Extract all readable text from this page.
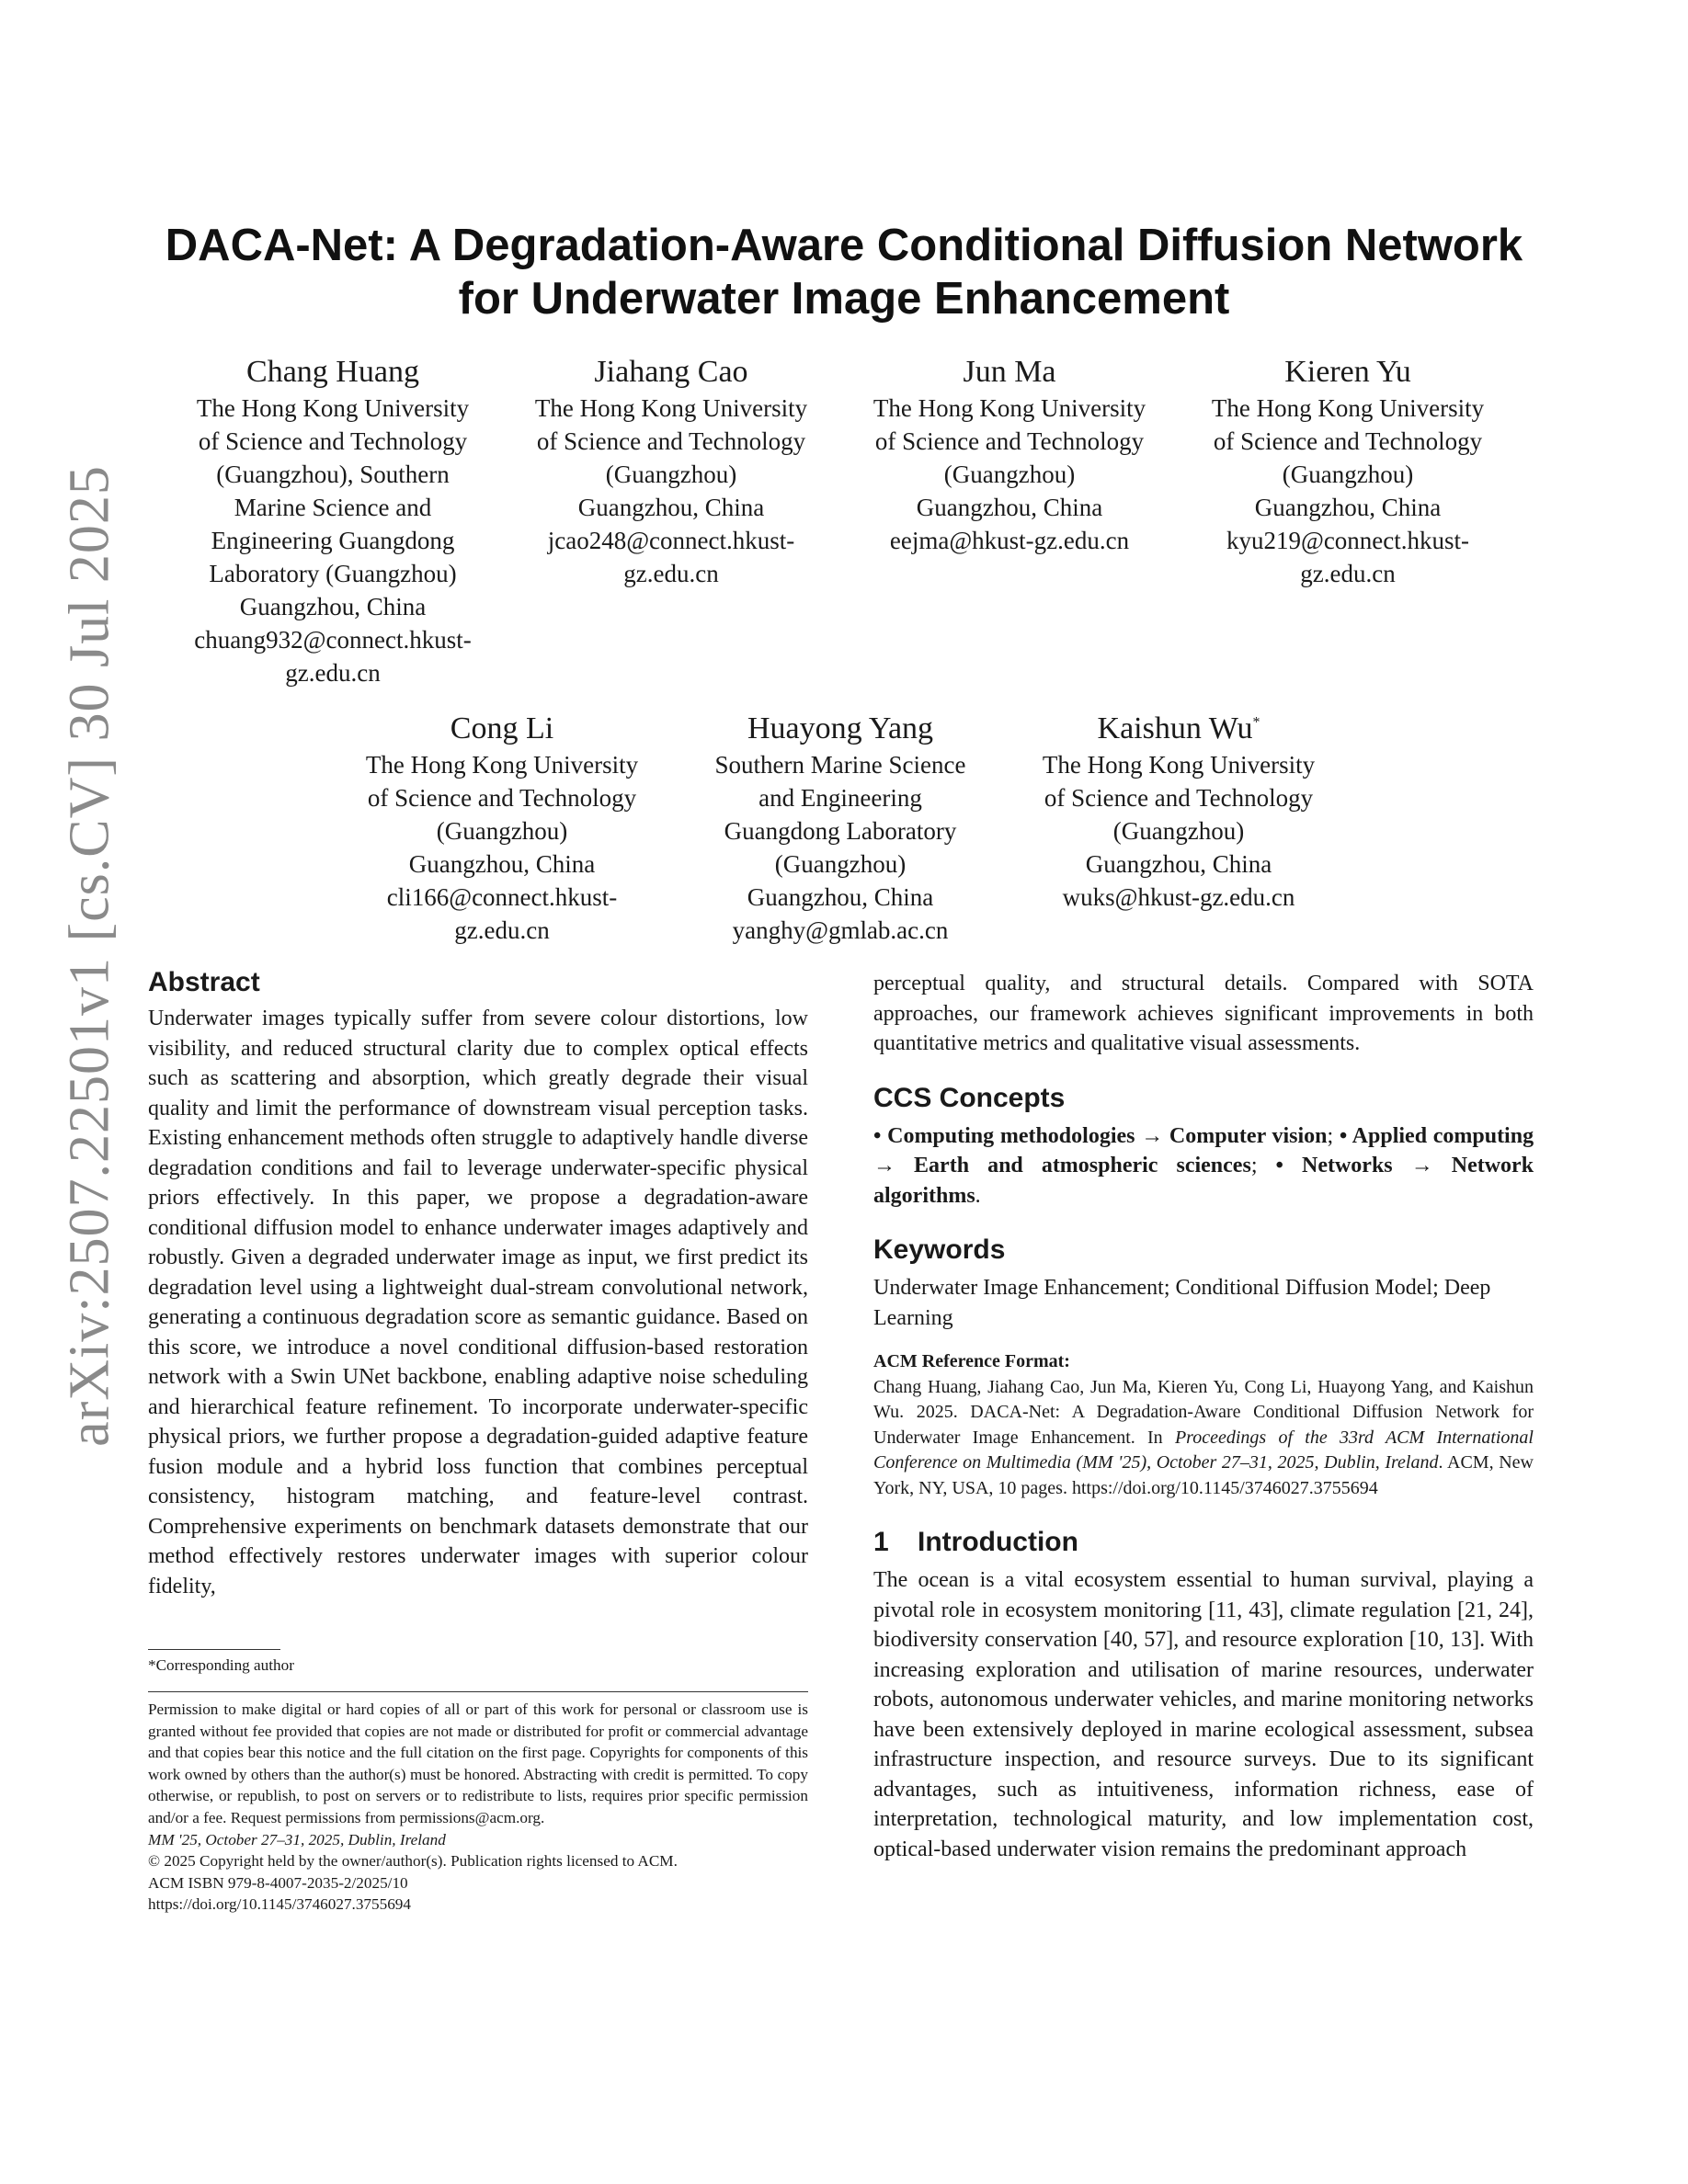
arXiv:2507.22501v1 [cs.CV] 30 Jul 2025
DACA-Net: A Degradation-Aware Conditional Diffusion Network
for Underwater Image Enhancement
Chang Huang
The Hong Kong University
of Science and Technology
(Guangzhou), Southern
Marine Science and
Engineering Guangdong
Laboratory (Guangzhou)
Guangzhou, China
chuang932@connect.hkust-
gz.edu.cn
Jiahang Cao
The Hong Kong University
of Science and Technology
(Guangzhou)
Guangzhou, China
jcao248@connect.hkust-
gz.edu.cn
Jun Ma
The Hong Kong University
of Science and Technology
(Guangzhou)
Guangzhou, China
eejma@hkust-gz.edu.cn
Kieren Yu
The Hong Kong University
of Science and Technology
(Guangzhou)
Guangzhou, China
kyu219@connect.hkust-
gz.edu.cn
Cong Li
The Hong Kong University
of Science and Technology
(Guangzhou)
Guangzhou, China
cli166@connect.hkust-
gz.edu.cn
Huayong Yang
Southern Marine Science
and Engineering
Guangdong Laboratory
(Guangzhou)
Guangzhou, China
yanghy@gmlab.ac.cn
Kaishun Wu*
The Hong Kong University
of Science and Technology
(Guangzhou)
Guangzhou, China
wuks@hkust-gz.edu.cn
Abstract

Underwater images typically suffer from severe colour distortions, low visibility, and reduced structural clarity due to complex optical effects such as scattering and absorption, which greatly degrade their visual quality and limit the performance of downstream visual perception tasks. Existing enhancement methods often struggle to adaptively handle diverse degradation conditions and fail to leverage underwater-specific physical priors effectively. In this paper, we propose a degradation-aware conditional diffusion model to enhance underwater images adaptively and robustly. Given a degraded underwater image as input, we first predict its degradation level using a lightweight dual-stream convolutional network, generating a continuous degradation score as semantic guidance. Based on this score, we introduce a novel conditional diffusion-based restoration network with a Swin UNet backbone, enabling adaptive noise scheduling and hierarchical feature refinement. To incorporate underwater-specific physical priors, we further propose a degradation-guided adaptive feature fusion module and a hybrid loss function that combines perceptual consistency, histogram matching, and feature-level contrast. Comprehensive experiments on benchmark datasets demonstrate that our method effectively restores underwater images with superior colour fidelity,

*Corresponding author

Permission to make digital or hard copies of all or part of this work for personal or classroom use is granted without fee provided that copies are not made or distributed for profit or commercial advantage and that copies bear this notice and the full citation on the first page. Copyrights for components of this work owned by others than the author(s) must be honored. Abstracting with credit is permitted. To copy otherwise, or republish, to post on servers or to redistribute to lists, requires prior specific permission and/or a fee. Request permissions from permissions@acm.org.

MM '25, October 27–31, 2025, Dublin, Ireland

© 2025 Copyright held by the owner/author(s). Publication rights licensed to ACM.

ACM ISBN 979-8-4007-2035-2/2025/10

https://doi.org/10.1145/3746027.3755694

perceptual quality, and structural details. Compared with SOTA approaches, our framework achieves significant improvements in both quantitative metrics and qualitative visual assessments.

CCS Concepts

• Computing methodologies → Computer vision; • Applied computing → Earth and atmospheric sciences; • Networks → Network algorithms.

Keywords

Underwater Image Enhancement; Conditional Diffusion Model; Deep Learning

ACM Reference Format:

Chang Huang, Jiahang Cao, Jun Ma, Kieren Yu, Cong Li, Huayong Yang, and Kaishun Wu. 2025. DACA-Net: A Degradation-Aware Conditional Diffusion Network for Underwater Image Enhancement. In Proceedings of the 33rd ACM International Conference on Multimedia (MM '25), October 27–31, 2025, Dublin, Ireland. ACM, New York, NY, USA, 10 pages. https://doi.org/10.1145/3746027.3755694

1 Introduction

The ocean is a vital ecosystem essential to human survival, playing a pivotal role in ecosystem monitoring [11, 43], climate regulation [21, 24], biodiversity conservation [40, 57], and resource exploration [10, 13]. With increasing exploration and utilisation of marine resources, underwater robots, autonomous underwater vehicles, and marine monitoring networks have been extensively deployed in marine ecological assessment, subsea infrastructure inspection, and resource surveys. Due to its significant advantages, such as intuitiveness, information richness, ease of interpretation, technological maturity, and low implementation cost, optical-based underwater vision remains the predominant approach
